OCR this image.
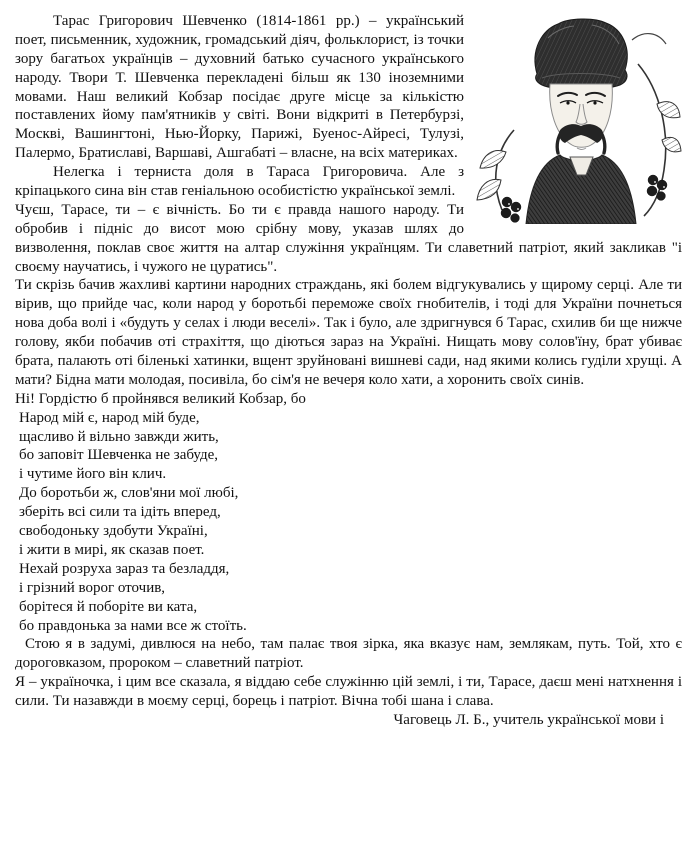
Тарас Григорович Шевченко (1814-1861 рр.) – український поет, письменник, художник, громадський діяч, фольклорист, із точки зору багатьох українців – духовний батько сучасного українського народу. Твори Т. Шевченка перекладені більш як 130 іноземними мовами. Наш великий Кобзар посідає друге місце за кількістю поставлених йому пам'ятників у світі. Вони відкриті в Петербурзі, Москві, Вашингтоні, Нью-Йорку, Парижі, Буенос-Айресі, Тулузі, Палермо, Братиславі, Варшаві, Ашгабаті – власне, на всіх материках.

Нелегка і терниста доля в Тараса Григоровича. Але з кріпацького сина він став геніальною особистістю української землі.

Чуєш, Тарасе, ти – є вічність. Бо ти є правда нашого народу. Ти обробив і підніс до висот мою срібну мову, указав шлях до визволення, поклав своє життя на алтар служіння українцям. Ти славетний патріот, який закликав "і своєму научатись, і чужого не цуратись".

Ти скрізь бачив жахливі картини народних страждань, які болем відгукувались у щирому серці. Але ти вірив, що прийде час, коли народ у боротьбі переможе своїх гнобителів, і тоді для України почнеться нова доба волі і «будуть у селах і люди веселі». Так і було, але здригнувся б Тарас, схилив би ще нижче голову, якби побачив оті страхіття, що діються зараз на Україні. Нищать мову солов'їну, брат убиває брата, палають оті біленькі хатинки, вщент зруйновані вишневі сади, над якими колись гуділи хрущі. А мати? Бідна мати молодая, посивіла, бо сім'я не вечеря коло хати, а хоронить своїх синів.

Ні! Гордістю б пройнявся великий Кобзар, бо

Народ мій є, народ мій буде,
щасливо й вільно завжди жить,
бо заповіт Шевченка не забуде,
і чутиме його він клич.
До боротьби ж, слов'яни мої любі,
зберіть всі сили та ідіть вперед,
свободоньку здобути Україні,
і жити в мирі, як сказав поет.
Нехай розруха зараз та безладдя,
і грізний ворог оточив,
борітеся й поборіте ви ката,
бо правдонька за нами все ж стоїть.

Стою я в задумі, дивлюся на небо, там палає твоя зірка, яка вказує нам, землякам, путь. Той, хто є дороговказом, пророком – славетний патріот.

Я – україночка, і цим все сказала, я віддаю себе служінню цій землі, і ти, Тарасе, даєш мені натхнення і сили. Ти назавжди в моєму серці, борець і патріот. Вічна тобі шана і слава.

Чаговець Л. Б., учитель української мови і
